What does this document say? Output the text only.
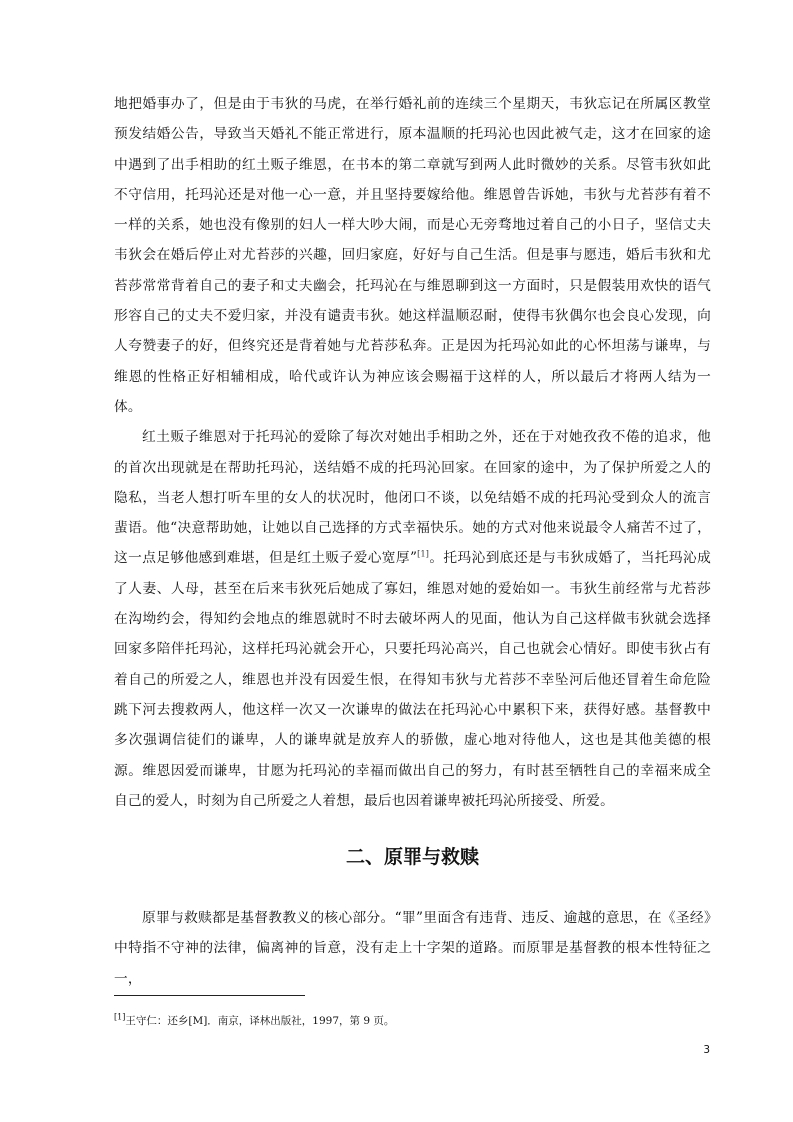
地把婚事办了，但是由于韦狄的马虎，在举行婚礼前的连续三个星期天，韦狄忘记在所属区教堂预发结婚公告，导致当天婚礼不能正常进行，原本温顺的托玛沁也因此被气走，这才在回家的途中遇到了出手相助的红土贩子维恩，在书本的第二章就写到两人此时微妙的关系。尽管韦狄如此不守信用，托玛沁还是对他一心一意，并且坚持要嫁给他。维恩曾告诉她，韦狄与尤苔莎有着不一样的关系，她也没有像别的妇人一样大吵大闹，而是心无旁骛地过着自己的小日子，坚信丈夫韦狄会在婚后停止对尤苔莎的兴趣，回归家庭，好好与自己生活。但是事与愿违，婚后韦狄和尤苔莎常常背着自己的妻子和丈夫幽会，托玛沁在与维恩聊到这一方面时，只是假装用欢快的语气形容自己的丈夫不爱归家，并没有谴责韦狄。她这样温顺忍耐，使得韦狄偶尔也会良心发现，向人夸赞妻子的好，但终究还是背着她与尤苔莎私奔。正是因为托玛沁如此的心怀坦荡与谦卑，与维恩的性格正好相辅相成，哈代或许认为神应该会赐福于这样的人，所以最后才将两人结为一体。

红土贩子维恩对于托玛沁的爱除了每次对她出手相助之外，还在于对她孜孜不倦的追求，他的首次出现就是在帮助托玛沁，送结婚不成的托玛沁回家。在回家的途中，为了保护所爱之人的隐私，当老人想打听车里的女人的状况时，他闭口不谈，以免结婚不成的托玛沁受到众人的流言蜚语。他“决意帮助她，让她以自己选择的方式幸福快乐。她的方式对他来说最令人痛苦不过了，这一点足够他感到难堪，但是红土贩子爱心宽厚”[1]。托玛沁到底还是与韦狄成婚了，当托玛沁成了人妻、人母，甚至在后来韦狄死后她成了寡妇，维恩对她的爱始如一。韦狄生前经常与尤苔莎在沟坳约会，得知约会地点的维恩就时不时去破坏两人的见面，他认为自己这样做韦狄就会选择回家多陪伴托玛沁，这样托玛沁就会开心，只要托玛沁高兴，自己也就会心情好。即使韦狄占有着自己的所爱之人，维恩也并没有因爱生恨，在得知韦狄与尤苔莎不幸坠河后他还冒着生命危险跳下河去搜救两人，他这样一次又一次谦卑的做法在托玛沁心中累积下来，获得好感。基督教中多次强调信徒们的谦卑，人的谦卑就是放弃人的骄傲，虚心地对待他人，这也是其他美德的根源。维恩因爱而谦卑，甘愿为托玛沁的幸福而做出自己的努力，有时甚至牺牲自己的幸福来成全自己的爱人，时刻为自己所爱之人着想，最后也因着谦卑被托玛沁所接受、所爱。

二、原罪与救赎

原罪与救赎都是基督教教义的核心部分。“罪”里面含有违背、违反、逾越的意思，在《圣经》中特指不守神的法律，偏离神的旨意，没有走上十字架的道路。而原罪是基督教的根本性特征之一，

[1]王守仁：还乡[M]．南京，译林出版社，1997，第 9 页。

3
